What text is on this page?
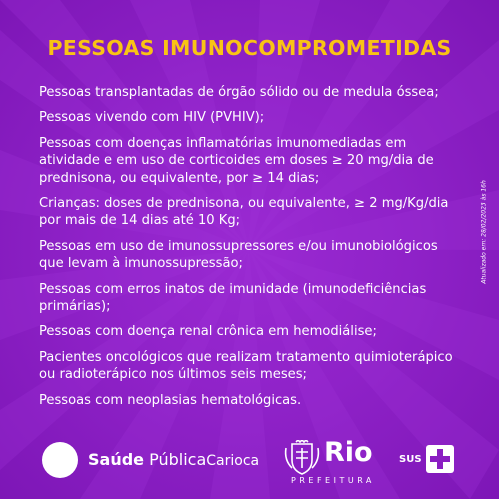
PESSOAS IMUNOCOMPROMETIDAS
Pessoas transplantadas de órgão sólido ou de medula óssea;
Pessoas vivendo com HIV (PVHIV);
Pessoas com doenças inflamatórias imunomediadas em atividade e em uso de corticoides em doses ≥ 20 mg/dia de prednisona, ou equivalente, por ≥ 14 dias;
Crianças: doses de prednisona, ou equivalente, ≥ 2 mg/Kg/dia por mais de 14 dias até 10 Kg;
Pessoas em uso de imunossupressores e/ou imunobiológicos que levam à imunossupressão;
Pessoas com erros inatos de imunidade (imunodeficiências primárias);
Pessoas com doença renal crônica em hemodiálise;
Pacientes oncológicos que realizam tratamento quimioterápico ou radioterápico nos últimos seis meses;
Pessoas com neoplasias hematológicas.
Atualizado em: 28/02/2023 às 16h
Saúde PúblicaCarioca Rio
PREFEITURA
SUS
